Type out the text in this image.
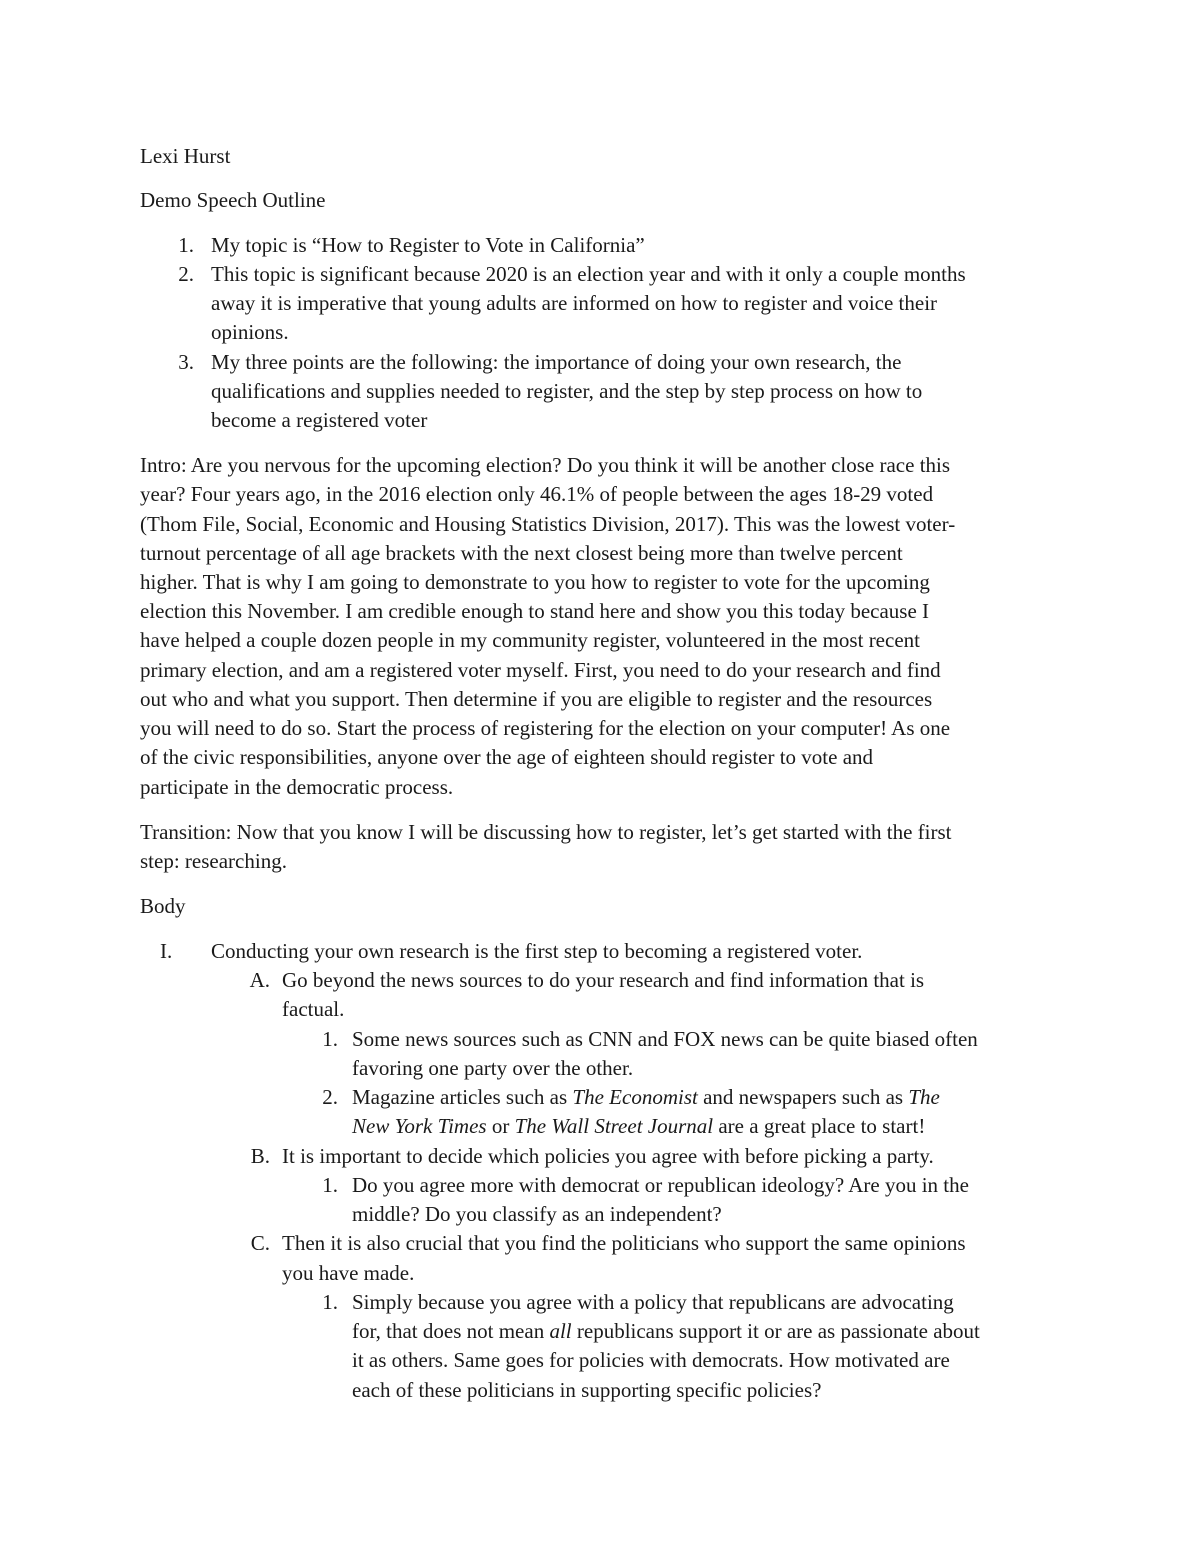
Lexi Hurst
Demo Speech Outline
1. My topic is “How to Register to Vote in California”
2. This topic is significant because 2020 is an election year and with it only a couple months
away it is imperative that young adults are informed on how to register and voice their
opinions.
3. My three points are the following: the importance of doing your own research, the
qualifications and supplies needed to register, and the step by step process on how to
become a registered voter
Intro: Are you nervous for the upcoming election? Do you think it will be another close race this
year? Four years ago, in the 2016 election only 46.1% of people between the ages 18-29 voted
(Thom File, Social, Economic and Housing Statistics Division, 2017). This was the lowest voter-
turnout percentage of all age brackets with the next closest being more than twelve percent
higher. That is why I am going to demonstrate to you how to register to vote for the upcoming
election this November. I am credible enough to stand here and show you this today because I
have helped a couple dozen people in my community register, volunteered in the most recent
primary election, and am a registered voter myself. First, you need to do your research and find
out who and what you support. Then determine if you are eligible to register and the resources
you will need to do so. Start the process of registering for the election on your computer! As one
of the civic responsibilities, anyone over the age of eighteen should register to vote and
participate in the democratic process.
Transition: Now that you know I will be discussing how to register, let’s get started with the first
step: researching.
Body
I. Conducting your own research is the first step to becoming a registered voter.
A. Go beyond the news sources to do your research and find information that is
factual.
1. Some news sources such as CNN and FOX news can be quite biased often
favoring one party over the other.
2. Magazine articles such as The Economist and newspapers such as The
New York Times or The Wall Street Journal are a great place to start!
B. It is important to decide which policies you agree with before picking a party.
1. Do you agree more with democrat or republican ideology? Are you in the
middle? Do you classify as an independent?
C. Then it is also crucial that you find the politicians who support the same opinions
you have made.
1. Simply because you agree with a policy that republicans are advocating
for, that does not mean all republicans support it or are as passionate about
it as others. Same goes for policies with democrats. How motivated are
each of these politicians in supporting specific policies?
